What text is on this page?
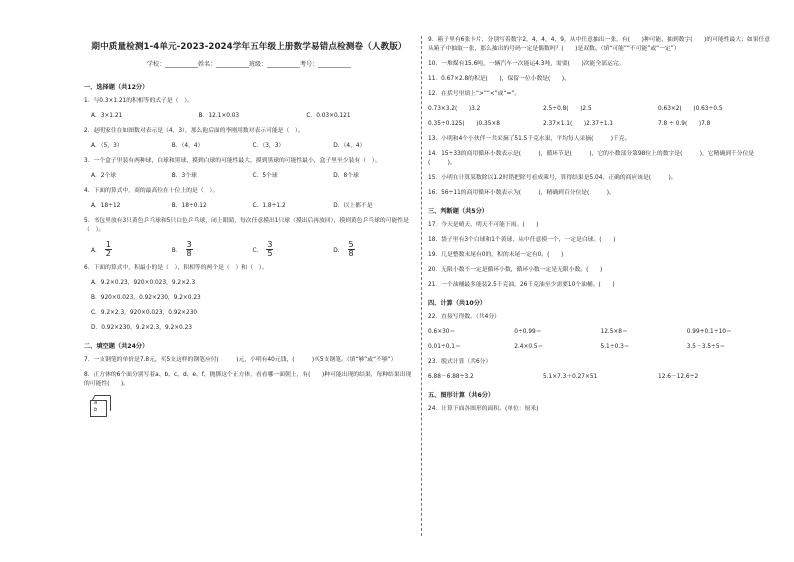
期中质量检测1-4单元-2023-2024学年五年级上册数学易错点检测卷（人教版）
学校：___________姓名：___________班级：___________考号：___________
一、选择题（共12分）
1．与0.3×1.21的积相等的式子是（　）。
A．3×1.21	B．12.1×0.03	C．0.03×0.121
2．赵明家住在如图数对表示是（4，3），那么他后面的李刚用数对表示可能是（　）。
A．（5，3）	B．（4，4）	C．（3，3）	D．（4，4）
3．一个盒子里装有两种球，白球和黑球，摸到白球的可能性最大，摸到黑球的可能性最小，盒子里至少装有（　）。
A．2个球	B．3个球	C．5个球	D．8个球
4．下面的算式中，商的最高位在十位上的是（　）。
A．18÷12	B．18÷0.12	C．1.8÷1.2	D．以上都不是
5．书包里放有3只黄色乒乓球和5只白色乒乓球，闭上眼睛，每次任意摸出1只球（摸出后再放回），摸到黄色乒乓球的可能性是（　）。
A． $\frac{1}{2}$	B． $\frac{3}{8}$	C． $\frac{3}{5}$	D． $\frac{5}{8}$
6．下面的算式中，积最小的是（　），积相等的两个是（　）和（　）。
A．9.2×0.23，920×0.023，9.2×2.3
B．920×0.023，0.92×230，9.2×0.23
C．9.2×2.3，920×0.023，0.92×230
D．0.92×230，9.2×2.3，9.2×0.23
二、填空题（共24分）
7．一支钢笔的单价是7.8元，买5支这样的钢笔应付(　　　)元，小明有40元钱，(　　　)买5支钢笔。（填“够”或“不够”）
8．正方体的6个面分别写着a、b、c、d、e、f，抛掷这个正方体，看看哪一面朝上，有(　　)种可能出现的结果，每种结果出现的可能性(　　)。
a
b
9．箱子里有6张卡片，分别写着数字2，4，4，4，9，从中任意抽出一张，有(　　)种可能，抽到数字(　　)的可能性最大；如果任意从箱子中抽取一张，那么抽出的号码一定是偶数吗？(　　)是双数。（填“可能”“不可能”或“一定”）
10．一堆煤有15.6吨，一辆汽车一次能运4.3吨，需要(　　)次能全部运完。
11．0.67×2.8的积是(　　)，保留一位小数是(　　)。
12．在括号里填上“>”“<”或“=”。
0.73×3.2(　　)3.2	2.5÷0.8(　　)2.5	0.63×2(　　)0.63÷0.5
0.35÷0.125(　　)0.35×8	2.37×1.1(　　)2.37÷1.1	7.8 ÷ 0.9(　　)7.8
13．小明和4个小伙伴一共采摘了51.5千克水果，平均每人采摘(　　　)千克。
14．15÷33的商用循环小数表示是(　　　)，循环节是(　　　)，它的小数部分第98位上的数字是(　　　)，它精确到千分位是(　　　)。
15．小明在计算某数除以1.2时错把除号看成乘号，算得结果是5.04，正确的商应该是(　　　)。
16．56÷11的商用循环小数表示为(　　　)，精确到百分位是(　　　)。
三、判断题（共5分）
17．今天是晴天，明天不可能下雨。(　　)
18．袋子里有3个白球和1个黄球，从中任意摸一个，一定是白球。(　　)
19．几是整数末尾有0的，积的末尾一定有0。(　　)
20．无限小数不一定是循环小数，循环小数一定是无限小数。(　　)
21．一个油桶最多能装2.5千克油，26千克油至少需要10个油桶。(　　)
四、计算（共10分）
22．直接写得数。（共4分）
0.6×30＝	0÷0.99＝	12.5×8＝	0.99+0.1÷10＝
0.01÷0.1＝	2.4×0.5＝	5.1÷0.3＝	3.5－3.5÷5＝
23．脱式计算（共6分）
6.88－6.88÷3.2	5.1×7.3＋0.27×51	12.6－12.6÷2
五、图形计算（共6分）
24．计算下面各图形的面积。(单位：厘米)
